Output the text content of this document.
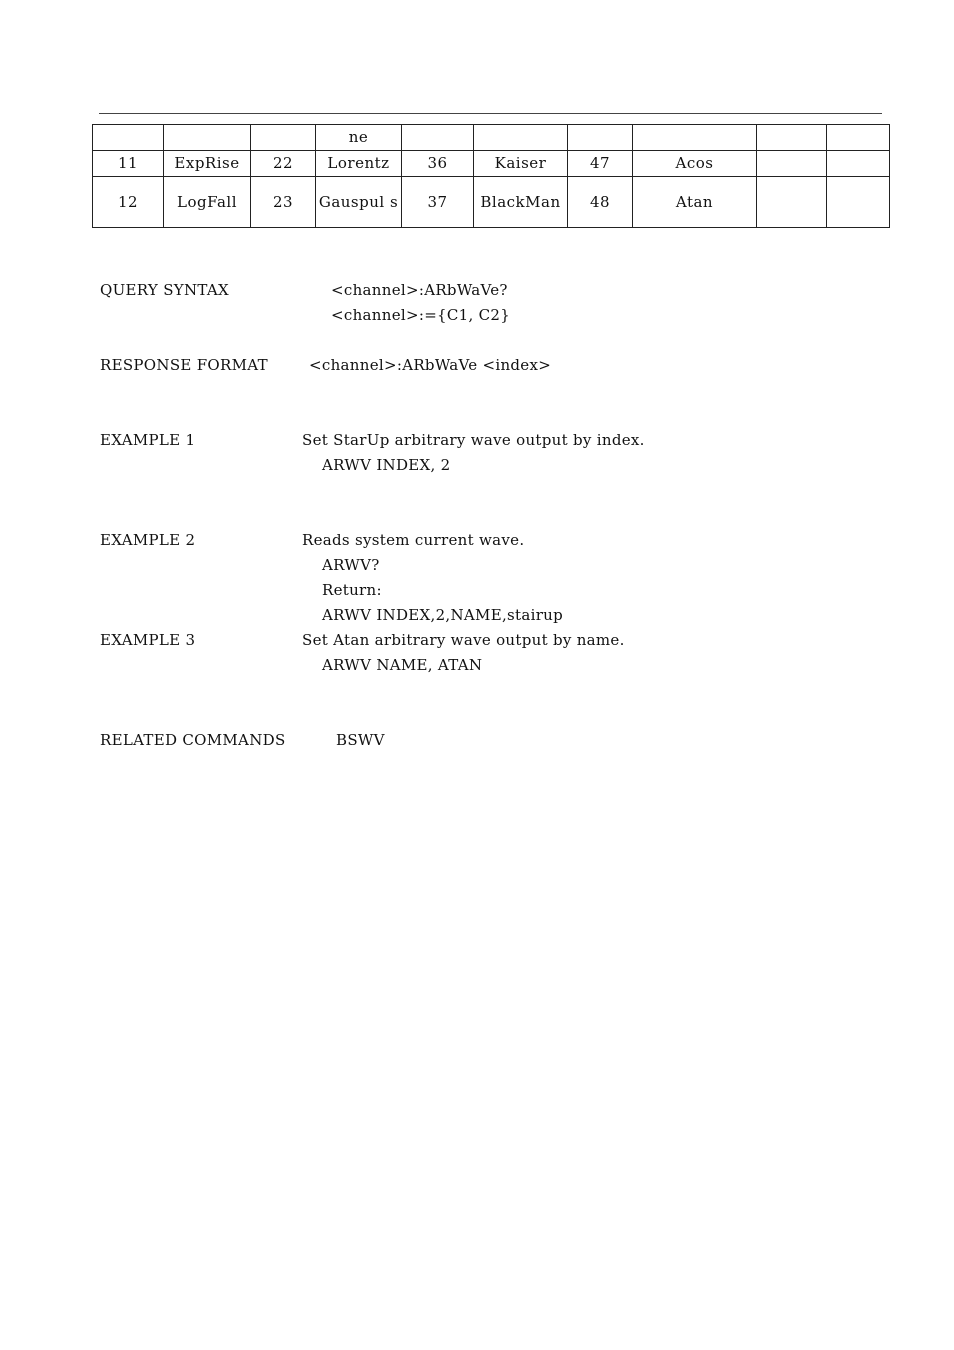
			ne						
11	ExpRise	22	Lorentz	36	Kaiser	47	Acos		
12	LogFall	23	Gauspul s	37	BlackMan	48	Atan		
QUERY SYNTAX	<channel>:ARbWaVe?
<channel>:={C1, C2}
RESPONSE FORMAT	<channel>:ARbWaVe <index>
EXAMPLE 1	Set StarUp arbitrary wave output by index.
ARWV INDEX, 2
EXAMPLE 2	Reads system current wave.
ARWV?
Return:
ARWV INDEX,2,NAME,stairup
EXAMPLE 3	Set Atan arbitrary wave output by name.
ARWV NAME, ATAN
RELATED COMMANDS	BSWV
